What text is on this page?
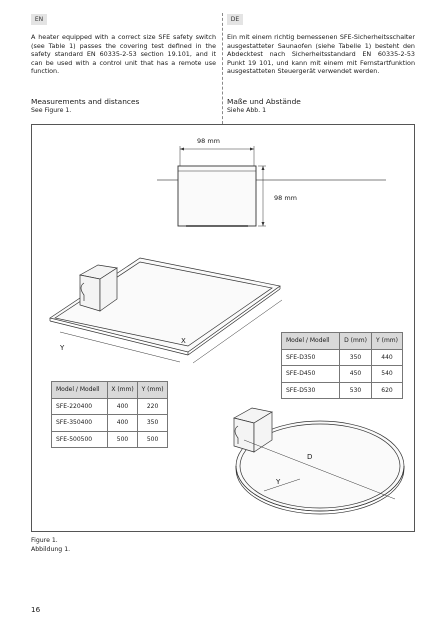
EN	DE

A heater equipped with a correct size SFE safety switch (see Table 1) passes the covering test defined in the safety standard EN 60335-2-53 section 19.101, and it can be used with a control unit that has a remote use function.

Ein mit einem richtig bemessenen SFE-Sicherheitsschalter ausgestatteter Saunaofen (siehe Tabelle 1) besteht den Abdecktest nach Sicherheitsstandard EN 60335-2-53 Punkt 19 101, und kann mit einem mit Fernstartfunktion ausgestatteten Steuergerät verwendet werden.

Measurements and distances
See Figure 1.
Maße und Abstände
Siehe Abb. 1
98 mm
98 mm
X
Y
D
Y
Model / Modell	X (mm)	Y (mm)
SFE-220400	400	220
SFE-350400	400	350
SFE-500500	500	500
Model / Modell	D (mm)	Y (mm)
SFE-D350	350	440
SFE-D450	450	540
SFE-D530	530	620
Figure 1.
Abbildung 1.
16
